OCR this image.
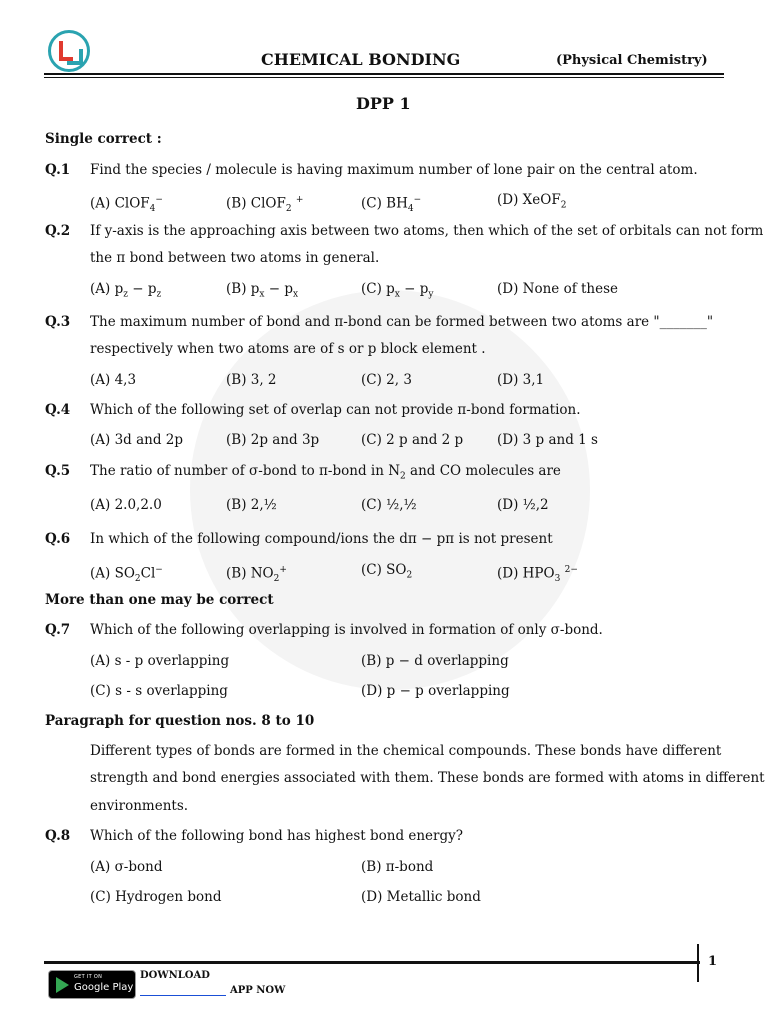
CHEMICAL BONDING	(Physical Chemistry)
DPP 1
Single correct :
Q.1 Find the species / molecule is having maximum number of lone pair on the central atom.
(A) ClOF$_4$−	(B) ClOF$_2$ +	(C) $BH_4^-$	(D) XeOF$_2$
Q.2 If y-axis is the approaching axis between two atoms, then which of the set of orbitals can not form
the π bond between two atoms in general.
(A) $p_z - p_z$	(B) $p_x - p_x$	(C) $p_x - p_y$	(D) None of these
Q.3 The maximum number of bond and π-bond can be formed between two atoms are "_______"
respectively when two atoms are of s or p block element .
(A) 4,3	(B) 3, 2	(C) 2, 3	(D) 3,1
Q.4 Which of the following set of overlap can not provide π-bond formation.
(A) 3d and 2p	(B) 2p and 3p	(C) 2 p and 2 p	(D) 3 p and 1 s
Q.5 The ratio of number of σ-bond to π-bond in $N_2$ and CO molecules are
(A) 2.0,2.0	(B) 2,½	(C) ½,½	(D) ½,2
Q.6 In which of the following compound/ions the dπ − pπ is not present
(A) $SO_2Cl^-$	(B) $NO_2^+$	(C) $SO_2$	(D) $HPO_3$ $^{2-}$
More than one may be correct
Q.7 Which of the following overlapping is involved in formation of only σ-bond.
(A) s - p overlapping	(B) p − d overlapping
(C) s - s overlapping	(D) p − p overlapping
Paragraph for question nos. 8 to 10
Different types of bonds are formed in the chemical compounds. These bonds have different
strength and bond energies associated with them. These bonds are formed with atoms in different
environments.
Q.8 Which of the following bond has highest bond energy?
(A) σ-bond	(B) π-bond
(C) Hydrogen bond	(D) Metallic bond
1
GET IT ON
Google Play
DOWNLOAD
APP NOW
